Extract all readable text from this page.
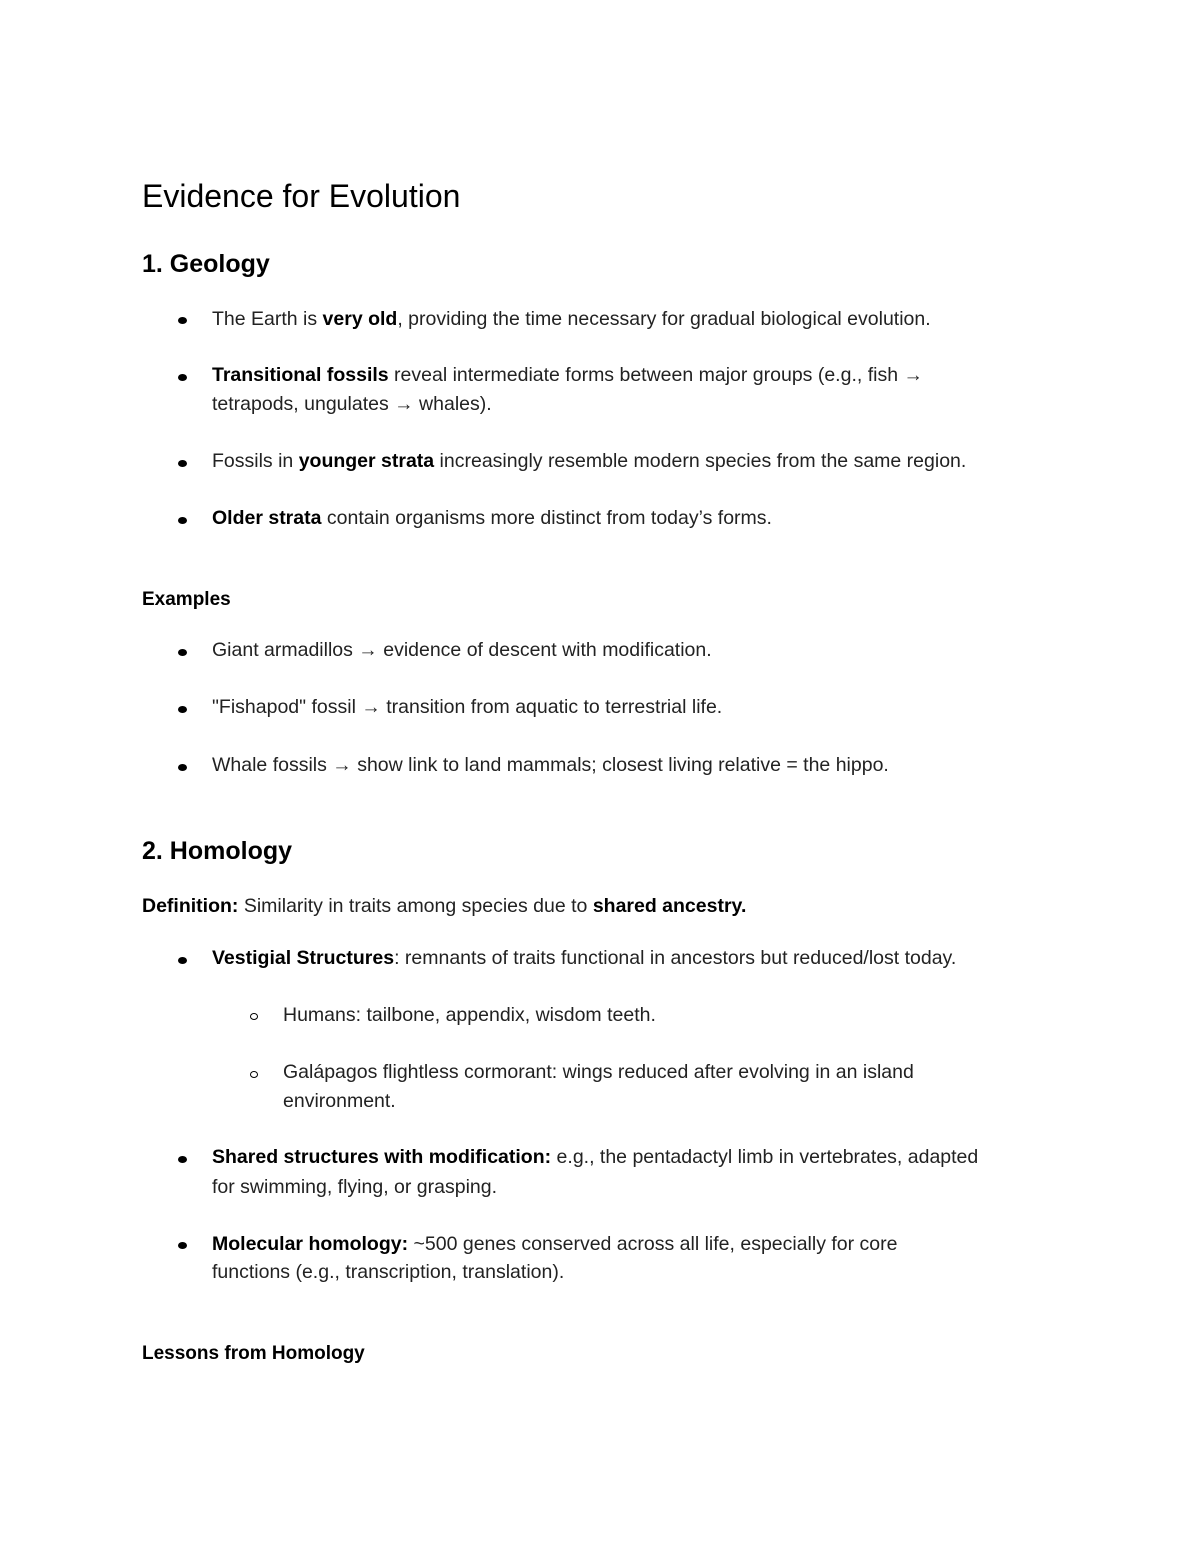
Evidence for Evolution
1. Geology
The Earth is very old, providing the time necessary for gradual biological evolution.
Transitional fossils reveal intermediate forms between major groups (e.g., fish →
tetrapods, ungulates → whales).
Fossils in younger strata increasingly resemble modern species from the same region.
Older strata contain organisms more distinct from today’s forms.
Examples
Giant armadillos → evidence of descent with modification.
"Fishapod" fossil → transition from aquatic to terrestrial life.
Whale fossils → show link to land mammals; closest living relative = the hippo.
2. Homology
Definition: Similarity in traits among species due to shared ancestry.
Vestigial Structures: remnants of traits functional in ancestors but reduced/lost today.
Humans: tailbone, appendix, wisdom teeth.
Galápagos flightless cormorant: wings reduced after evolving in an island
environment.
Shared structures with modification: e.g., the pentadactyl limb in vertebrates, adapted
for swimming, flying, or grasping.
Molecular homology: ~500 genes conserved across all life, especially for core
functions (e.g., transcription, translation).
Lessons from Homology
